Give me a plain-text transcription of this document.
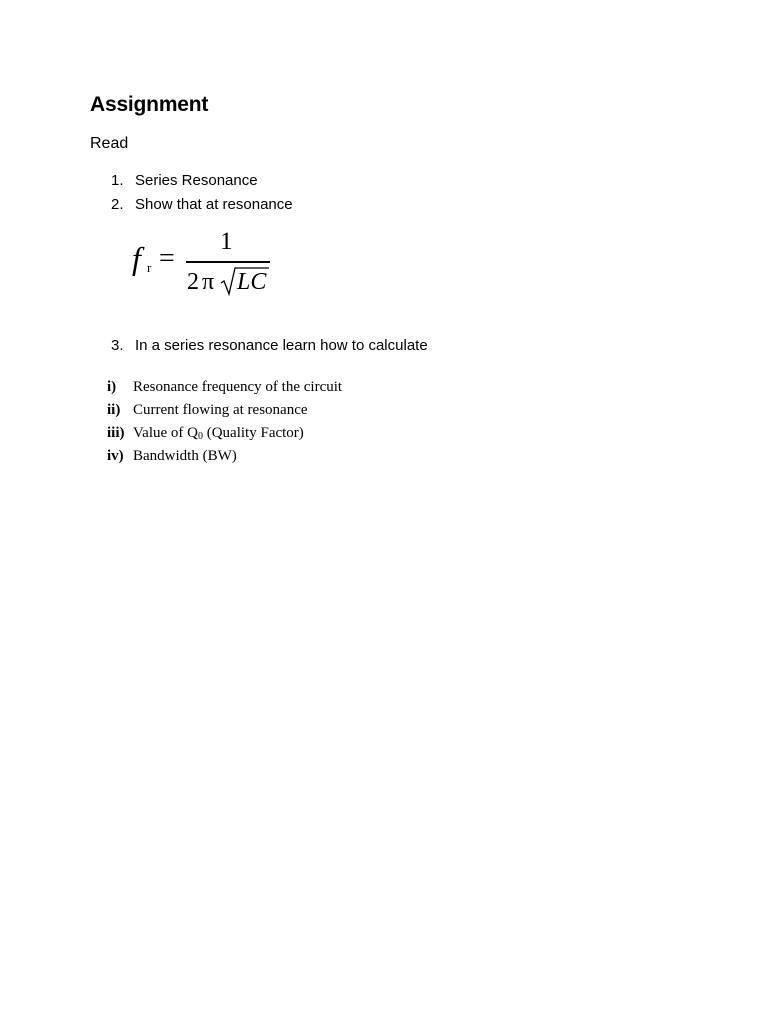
Assignment
Read
1. Series Resonance
2. Show that at resonance
f r =
1
2 π LC
3. In a series resonance learn how to calculate
i) Resonance frequency of the circuit
ii) Current flowing at resonance
iii) Value of Q0 (Quality Factor)
iv) Bandwidth (BW)
